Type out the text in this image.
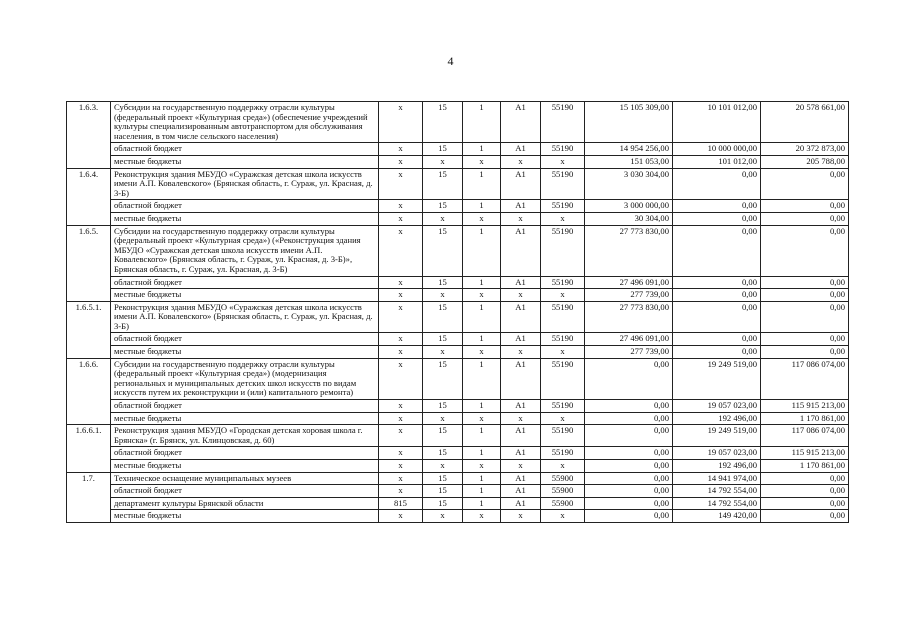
4
1.6.3.	Субсидии на государственную поддержку отрасли культуры (федеральный проект «Культурная среда») (обеспечение учреждений культуры специализированным автотранспортом для обслуживания населения, в том числе сельского населения)	x	15	1	A1	55190	15 105 309,00	10 101 012,00	20 578 661,00
	областной бюджет	x	15	1	A1	55190	14 954 256,00	10 000 000,00	20 372 873,00
	местные бюджеты	x	x	x	x	x	151 053,00	101 012,00	205 788,00
1.6.4.	Реконструкция здания МБУДО «Суражская детская школа искусств имени А.П. Ковалевского» (Брянская область, г. Сураж, ул. Красная, д. 3-Б)	x	15	1	A1	55190	3 030 304,00	0,00	0,00
	областной бюджет	x	15	1	A1	55190	3 000 000,00	0,00	0,00
	местные бюджеты	x	x	x	x	x	30 304,00	0,00	0,00
1.6.5.	Субсидии на государственную поддержку отрасли культуры (федеральный проект «Культурная среда») («Реконструкция здания МБУДО «Суражская детская школа искусств имени А.П. Ковалевского» (Брянская область, г. Сураж, ул. Красная, д. 3-Б)», Брянская область, г. Сураж, ул. Красная, д. 3-Б)	x	15	1	A1	55190	27 773 830,00	0,00	0,00
	областной бюджет	x	15	1	A1	55190	27 496 091,00	0,00	0,00
	местные бюджеты	x	x	x	x	x	277 739,00	0,00	0,00
1.6.5.1.	Реконструкция здания МБУДО «Суражская детская школа искусств имени А.П. Ковалевского» (Брянская область, г. Сураж, ул. Красная, д. 3-Б)	x	15	1	A1	55190	27 773 830,00	0,00	0,00
	областной бюджет	x	15	1	A1	55190	27 496 091,00	0,00	0,00
	местные бюджеты	x	x	x	x	x	277 739,00	0,00	0,00
1.6.6.	Субсидии на государственную поддержку отрасли культуры (федеральный проект «Культурная среда») (модернизация региональных и муниципальных детских школ искусств по видам искусств путем их реконструкции и (или) капитального ремонта)	x	15	1	A1	55190	0,00	19 249 519,00	117 086 074,00
	областной бюджет	x	15	1	A1	55190	0,00	19 057 023,00	115 915 213,00
	местные бюджеты	x	x	x	x	x	0,00	192 496,00	1 170 861,00
1.6.6.1.	Реконструкция здания МБУДО «Городская детская хоровая школа г. Брянска» (г. Брянск, ул. Клинцовская, д. 60)	x	15	1	A1	55190	0,00	19 249 519,00	117 086 074,00
	областной бюджет	x	15	1	A1	55190	0,00	19 057 023,00	115 915 213,00
	местные бюджеты	x	x	x	x	x	0,00	192 496,00	1 170 861,00
1.7.	Техническое оснащение муниципальных музеев	x	15	1	A1	55900	0,00	14 941 974,00	0,00
	областной бюджет	x	15	1	A1	55900	0,00	14 792 554,00	0,00
	департамент культуры Брянской области	815	15	1	A1	55900	0,00	14 792 554,00	0,00
	местные бюджеты	x	x	x	x	x	0,00	149 420,00	0,00
